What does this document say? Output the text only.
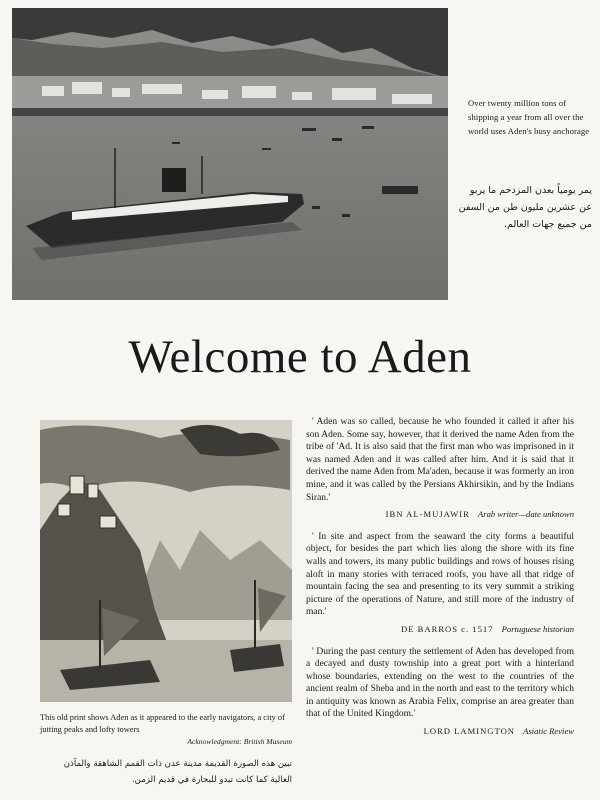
Over twenty million tons of shipping a year from all over the world uses Aden's busy anchorage
يمر يومياً بعدن المزدحم ما يربو عن عشرين مليون طن من السفن من جميع جهات العالم.
Welcome to Aden
This old print shows Aden as it appeared to the early navigators, a city of jutting peaks and lofty towers
Acknowledgment: British Museum
تبين هذه الصورة القديمة مدينة عدن ذات القمم الشاهقة والمآذن العالية كما كانت تبدو للبحارة في قديم الزمن.

' Aden was so called, because he who founded it called it after his son Aden. Some say, however, that it derived the name Aden from the tribe of 'Ad. It is also said that the first man who was imprisoned in it was named Aden and it was called after him. And it is said that it derived the name Aden from Ma'aden, because it was formerly an iron mine, and it was called by the Persians Akhirsikin, and by the Indians Siran.'

IBN AL-MUJAWIR Arab writer—date unknown

' In site and aspect from the seaward the city forms a beautiful object, for besides the part which lies along the shore with its fine walls and towers, its many public buildings and rows of houses rising aloft in many stories with terraced roofs, you have all that ridge of mountain facing the sea and presenting to its very summit a striking picture of the operations of Nature, and still more of the industry of man.'

DE BARROS c. 1517 Portuguese historian

' During the past century the settlement of Aden has developed from a decayed and dusty township into a great port with a hinterland whose boundaries, extending on the west to the countries of the ancient realm of Sheba and in the north and east to the territory which in antiquity was known as Arabia Felix, comprise an area greater than that of the United Kingdom.'

LORD LAMINGTON Asiatic Review
